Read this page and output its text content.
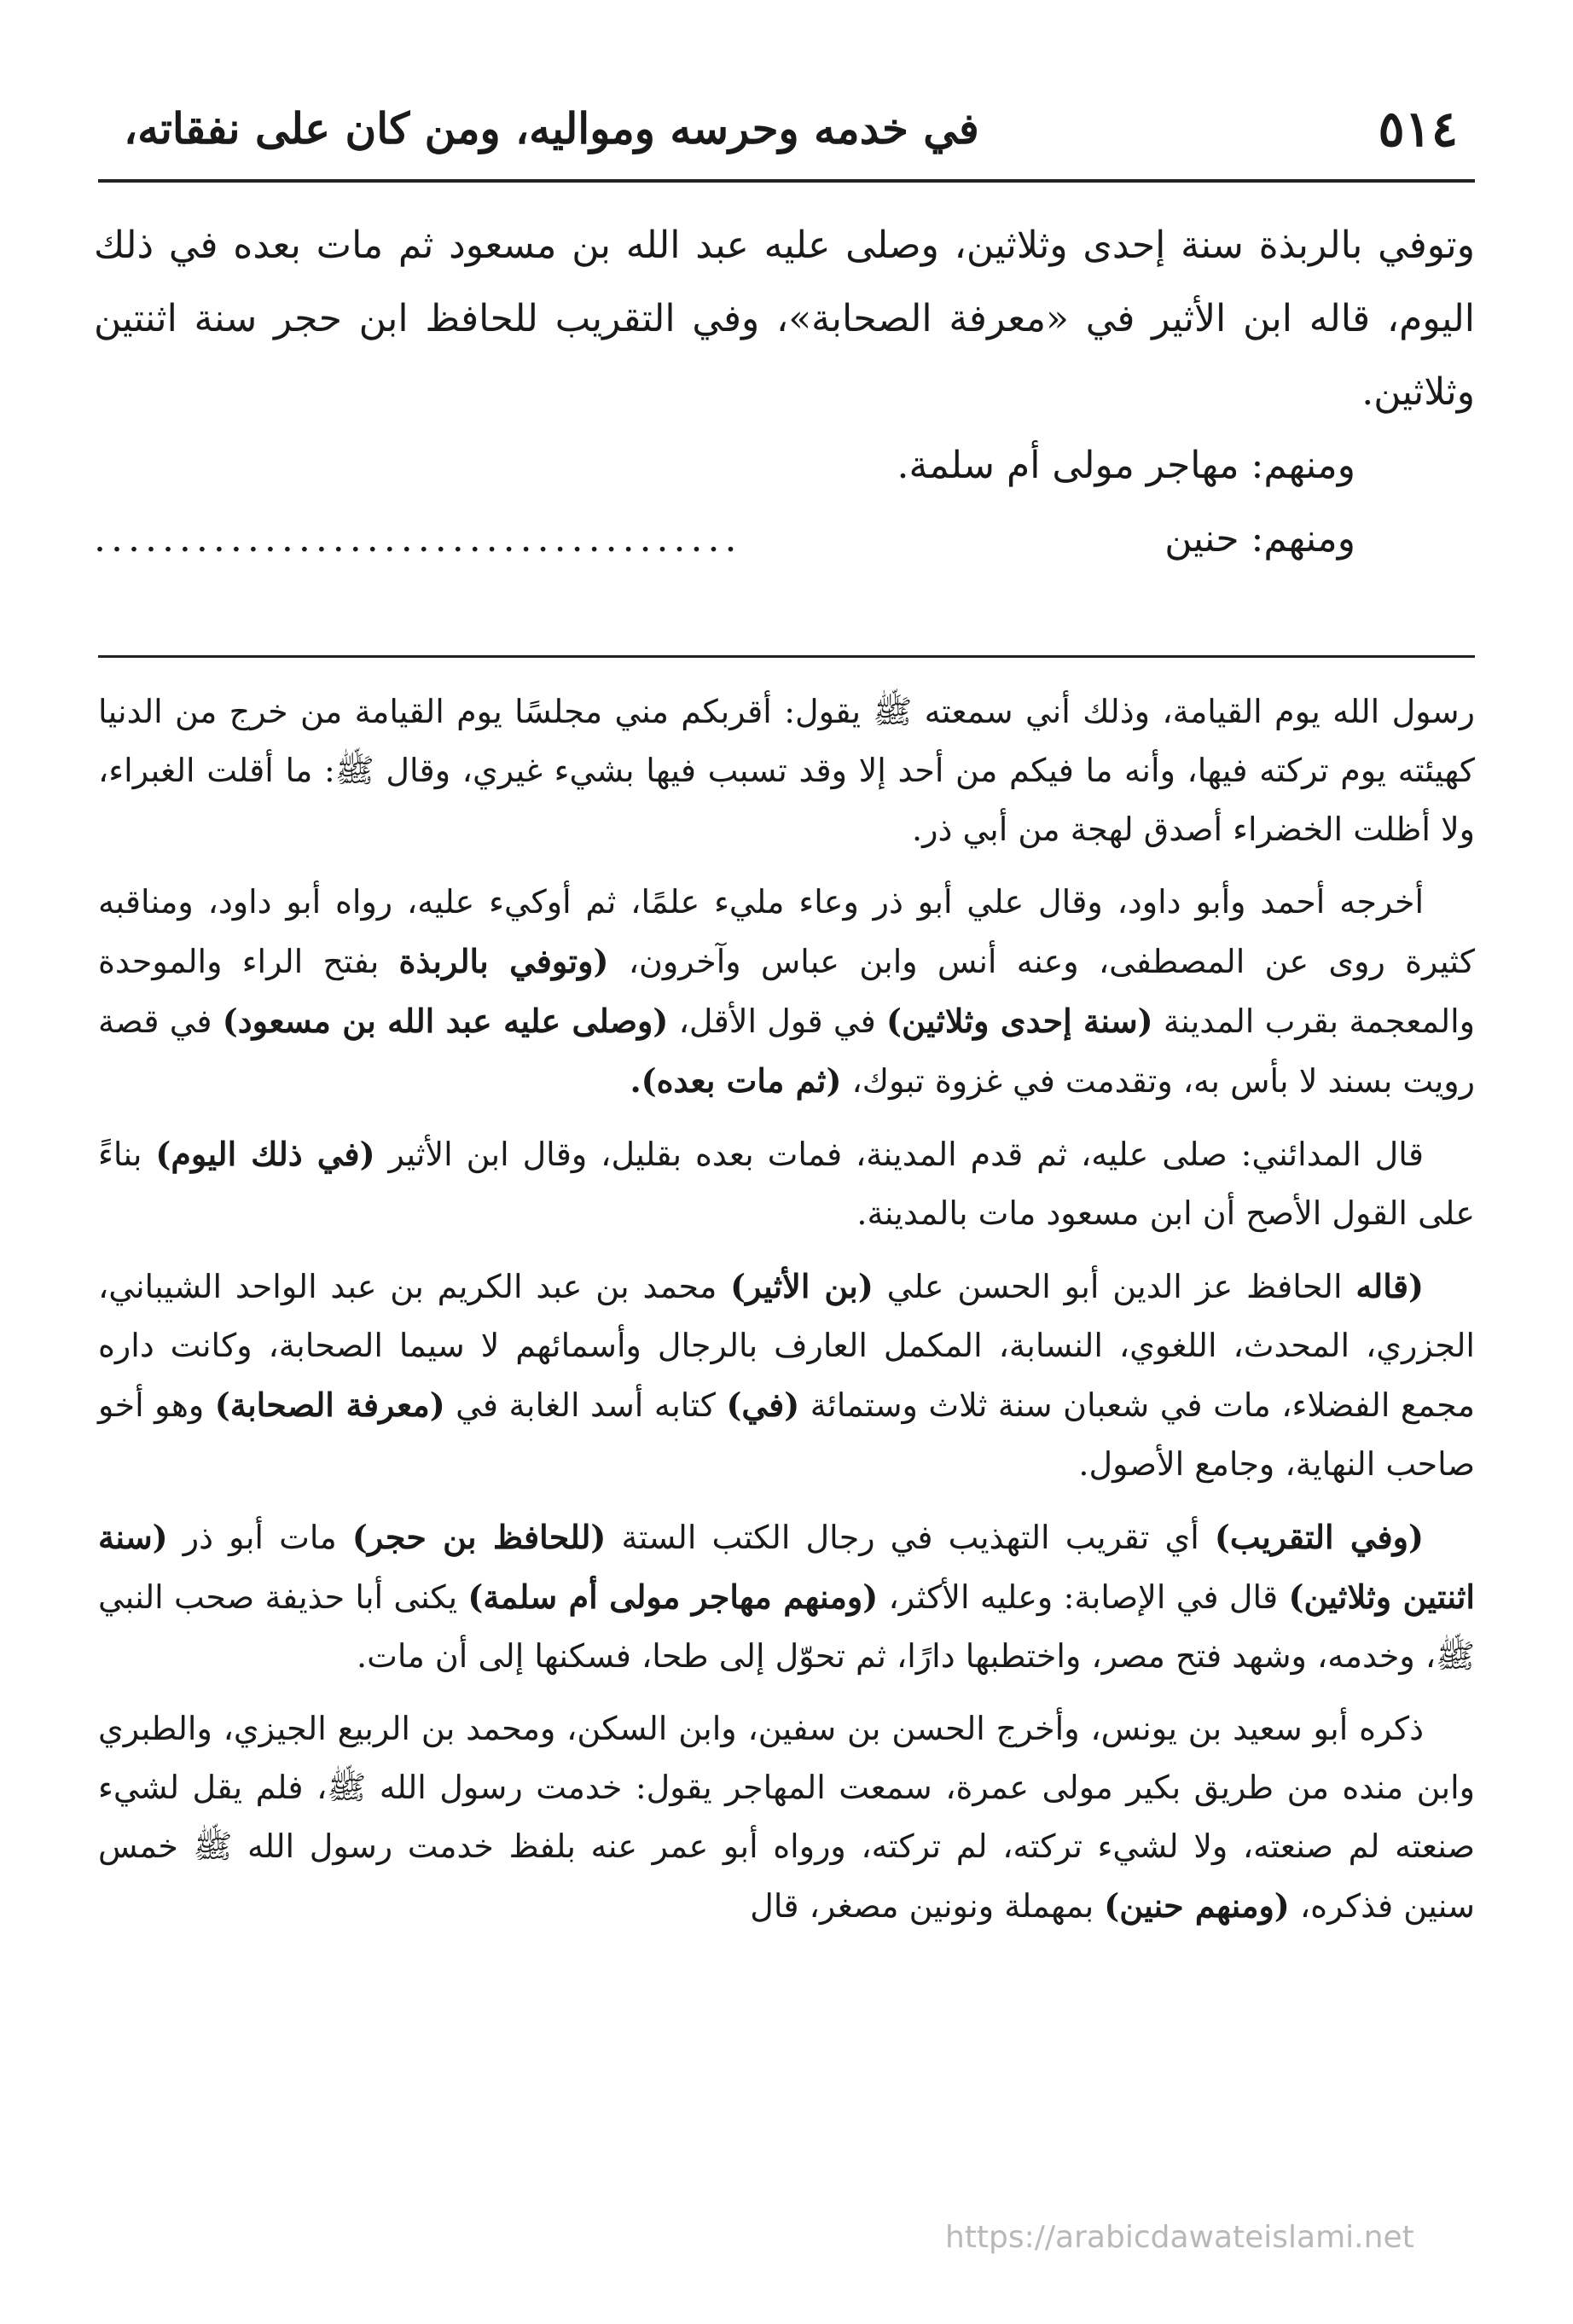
٥١٤
في خدمه وحرسه ومواليه، ومن كان على نفقاته،

وتوفي بالربذة سنة إحدى وثلاثين، وصلى عليه عبد الله بن مسعود ثم مات بعده في ذلك اليوم، قاله ابن الأثير في «معرفة الصحابة»، وفي التقريب للحافظ ابن حجر سنة اثنتين وثلاثين.

ومنهم: مهاجر مولى أم سلمة.

ومنهم: حنين
......................................

رسول الله يوم القيامة، وذلك أني سمعته ﷺ يقول: أقربكم مني مجلسًا يوم القيامة من خرج من الدنيا كهيئته يوم تركته فيها، وأنه ما فيكم من أحد إلا وقد تسبب فيها بشيء غيري، وقال ﷺ: ما أقلت الغبراء، ولا أظلت الخضراء أصدق لهجة من أبي ذر.

أخرجه أحمد وأبو داود، وقال علي أبو ذر وعاء مليء علمًا، ثم أوكيء عليه، رواه أبو داود، ومناقبه كثيرة روى عن المصطفى، وعنه أنس وابن عباس وآخرون، (وتوفي بالربذة بفتح الراء والموحدة والمعجمة بقرب المدينة (سنة إحدى وثلاثين) في قول الأقل، (وصلى عليه عبد الله بن مسعود) في قصة رويت بسند لا بأس به، وتقدمت في غزوة تبوك، (ثم مات بعده).

قال المدائني: صلى عليه، ثم قدم المدينة، فمات بعده بقليل، وقال ابن الأثير (في ذلك اليوم) بناءً على القول الأصح أن ابن مسعود مات بالمدينة.

(قاله الحافظ عز الدين أبو الحسن علي (بن الأثير) محمد بن عبد الكريم بن عبد الواحد الشيباني، الجزري، المحدث، اللغوي، النسابة، المكمل العارف بالرجال وأسمائهم لا سيما الصحابة، وكانت داره مجمع الفضلاء، مات في شعبان سنة ثلاث وستمائة (في) كتابه أسد الغابة في (معرفة الصحابة) وهو أخو صاحب النهاية، وجامع الأصول.

(وفي التقريب) أي تقريب التهذيب في رجال الكتب الستة (للحافظ بن حجر) مات أبو ذر (سنة اثنتين وثلاثين) قال في الإصابة: وعليه الأكثر، (ومنهم مهاجر مولى أم سلمة) يكنى أبا حذيفة صحب النبي ﷺ، وخدمه، وشهد فتح مصر، واختطبها دارًا، ثم تحوّل إلى طحا، فسكنها إلى أن مات.

ذكره أبو سعيد بن يونس، وأخرج الحسن بن سفين، وابن السكن، ومحمد بن الربيع الجيزي، والطبري وابن منده من طريق بكير مولى عمرة، سمعت المهاجر يقول: خدمت رسول الله ﷺ، فلم يقل لشيء صنعته لم صنعته، ولا لشيء تركته، لم تركته، ورواه أبو عمر عنه بلفظ خدمت رسول الله ﷺ خمس سنين فذكره، (ومنهم حنين) بمهملة ونونين مصغر، قال

https://arabicdawateislami.net
